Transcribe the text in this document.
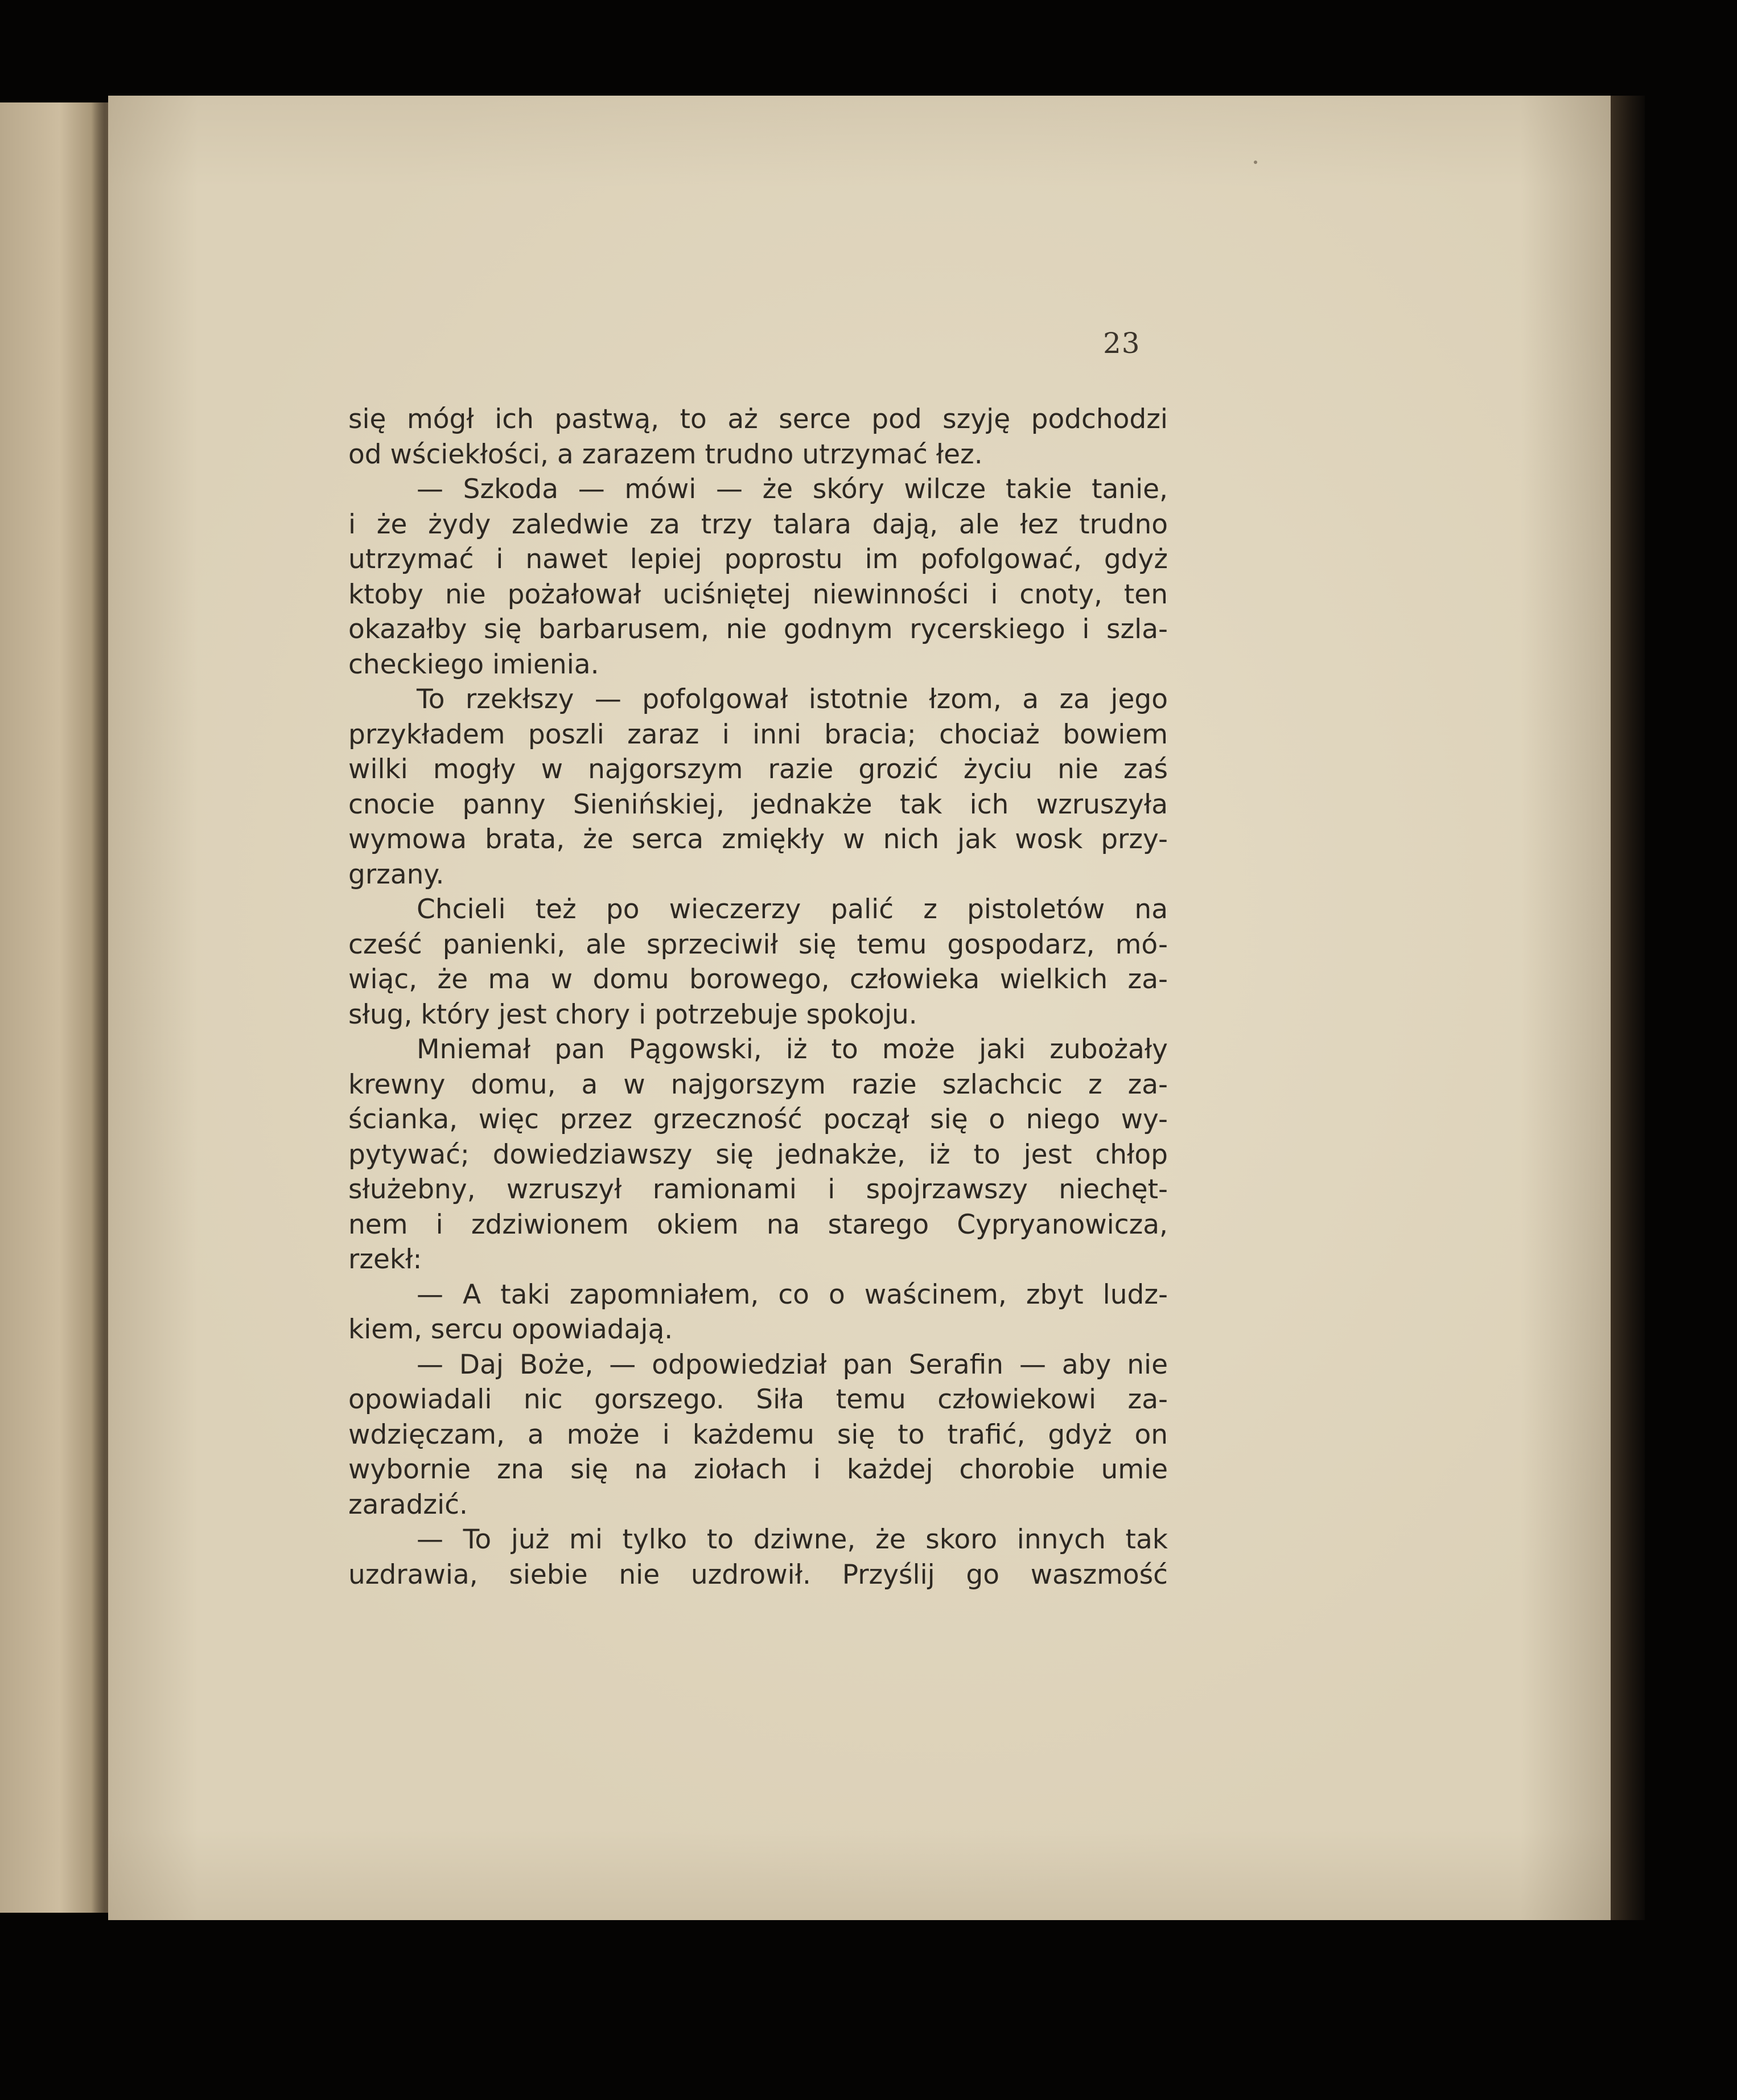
23
się mógł ich pastwą, to aż serce pod szyję podchodzi
od wściekłości, a zarazem trudno utrzymać łez.
— Szkoda — mówi — że skóry wilcze takie tanie,
i że żydy zaledwie za trzy talara dają, ale łez trudno
utrzymać i nawet lepiej poprostu im pofolgować, gdyż
ktoby nie pożałował uciśniętej niewinności i cnoty, ten
okazałby się barbarusem, nie godnym rycerskiego i szla-
checkiego imienia.
To rzekłszy — pofolgował istotnie łzom, a za jego
przykładem poszli zaraz i inni bracia; chociaż bowiem
wilki mogły w najgorszym razie grozić życiu nie zaś
cnocie panny Sienińskiej, jednakże tak ich wzruszyła
wymowa brata, że serca zmiękły w nich jak wosk przy-
grzany.
Chcieli też po wieczerzy palić z pistoletów na
cześć panienki, ale sprzeciwił się temu gospodarz, mó-
wiąc, że ma w domu borowego, człowieka wielkich za-
sług, który jest chory i potrzebuje spokoju.
Mniemał pan Pągowski, iż to może jaki zubożały
krewny domu, a w najgorszym razie szlachcic z za-
ścianka, więc przez grzeczność począł się o niego wy-
pytywać; dowiedziawszy się jednakże, iż to jest chłop
służebny, wzruszył ramionami i spojrzawszy niechęt-
nem i zdziwionem okiem na starego Cypryanowicza,
rzekł:
— A taki zapomniałem, co o waścinem, zbyt ludz-
kiem, sercu opowiadają.
— Daj Boże, — odpowiedział pan Serafin — aby nie
opowiadali nic gorszego. Siła temu człowiekowi za-
wdzięczam, a może i każdemu się to trafić, gdyż on
wybornie zna się na ziołach i każdej chorobie umie
zaradzić.
— To już mi tylko to dziwne, że skoro innych tak
uzdrawia, siebie nie uzdrowił. Przyślij go waszmość
